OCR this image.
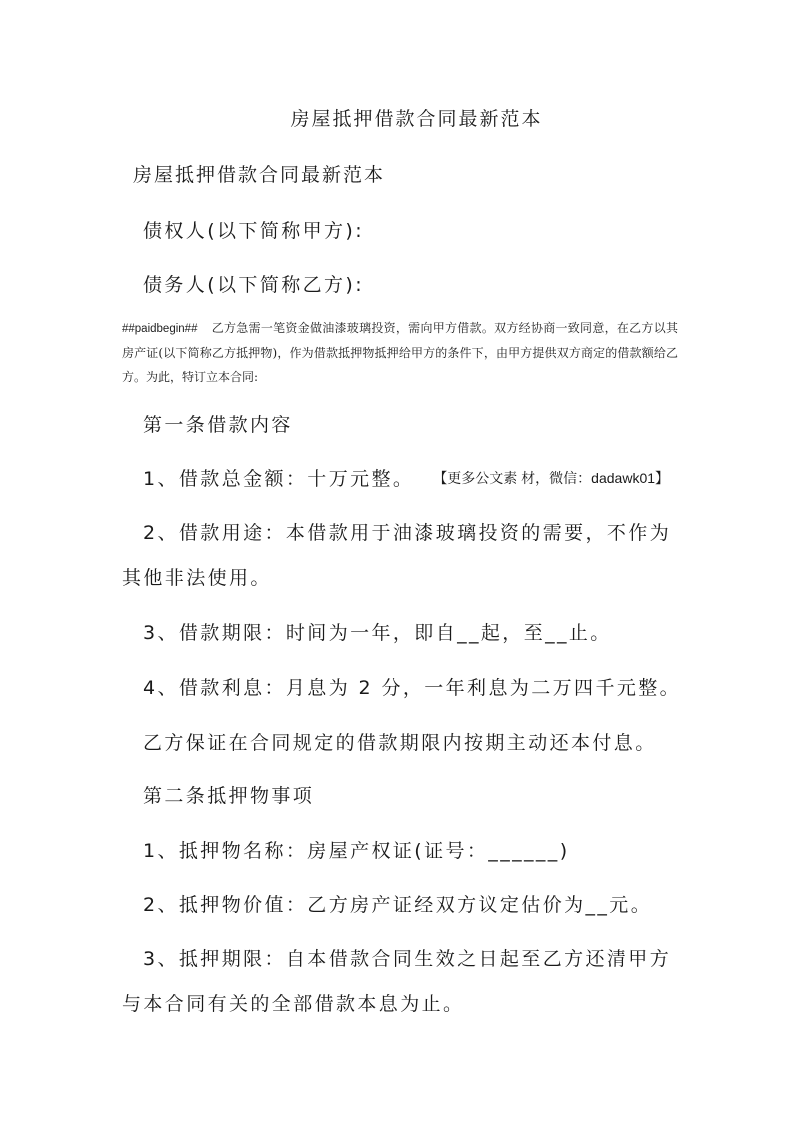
房屋抵押借款合同最新范本
房屋抵押借款合同最新范本
债权人(以下简称甲方):
债务人(以下简称乙方):
##paidbegin## 乙方急需一笔资金做油漆玻璃投资，需向甲方借款。双方经协商一致同意，在乙方以其房产证(以下简称乙方抵押物)，作为借款抵押物抵押给甲方的条件下，由甲方提供双方商定的借款额给乙方。为此，特订立本合同:
第一条借款内容
1、借款总金额：十万元整。 【更多公文素 材，微信：dadawk01】
2、借款用途：本借款用于油漆玻璃投资的需要，不作为
其他非法使用。
3、借款期限：时间为一年，即自__起，至__止。
4、借款利息：月息为 2 分，一年利息为二万四千元整。
乙方保证在合同规定的借款期限内按期主动还本付息。
第二条抵押物事项
1、抵押物名称：房屋产权证(证号：______)
2、抵押物价值：乙方房产证经双方议定估价为__元。
3、抵押期限：自本借款合同生效之日起至乙方还清甲方
与本合同有关的全部借款本息为止。
